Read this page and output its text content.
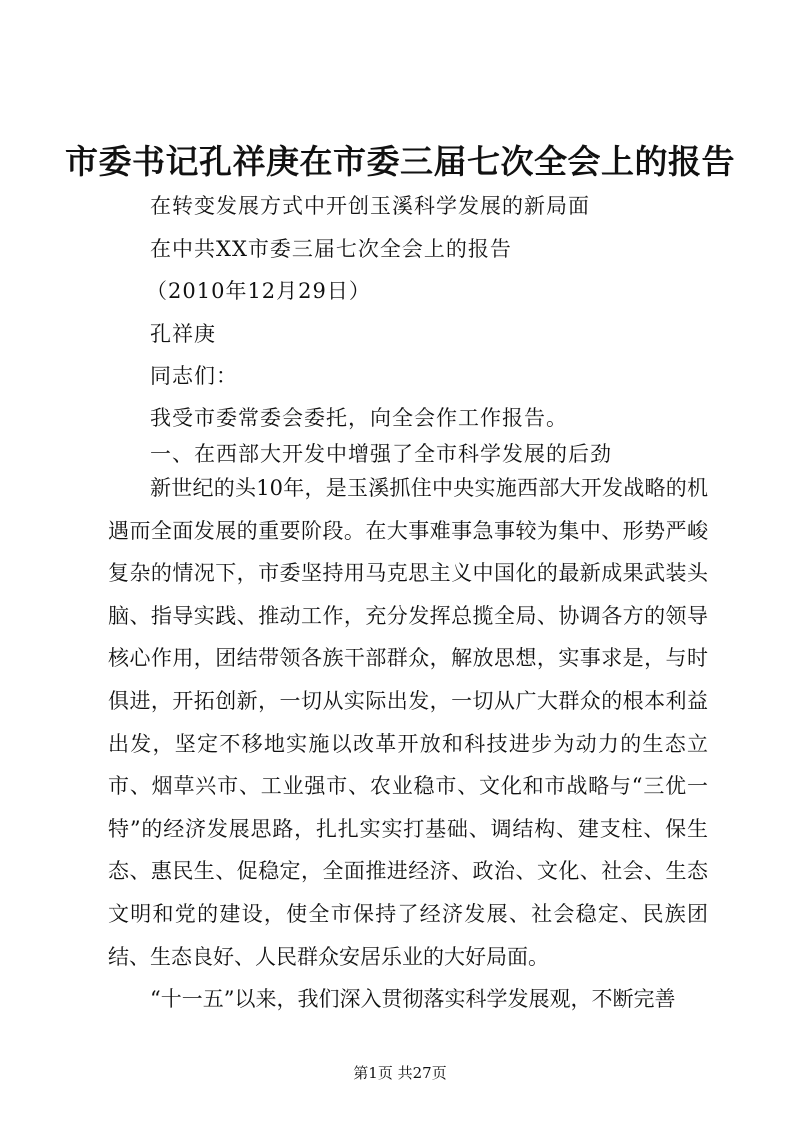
市委书记孔祥庚在市委三届七次全会上的报告
在转变发展方式中开创玉溪科学发展的新局面
在中共XX市委三届七次全会上的报告
（2010年12月29日）
孔祥庚
同志们：
我受市委常委会委托，向全会作工作报告。
一、在西部大开发中增强了全市科学发展的后劲
新世纪的头10年，是玉溪抓住中央实施西部大开发战略的机遇而全面发展的重要阶段。在大事难事急事较为集中、形势严峻复杂的情况下，市委坚持用马克思主义中国化的最新成果武装头脑、指导实践、推动工作，充分发挥总揽全局、协调各方的领导核心作用，团结带领各族干部群众，解放思想，实事求是，与时俱进，开拓创新，一切从实际出发，一切从广大群众的根本利益出发，坚定不移地实施以改革开放和科技进步为动力的生态立市、烟草兴市、工业强市、农业稳市、文化和市战略与“三优一特”的经济发展思路，扎扎实实打基础、调结构、建支柱、保生态、惠民生、促稳定，全面推进经济、政治、文化、社会、生态文明和党的建设，使全市保持了经济发展、社会稳定、民族团结、生态良好、人民群众安居乐业的大好局面。
“十一五”以来，我们深入贯彻落实科学发展观，不断完善
第1页 共27页
